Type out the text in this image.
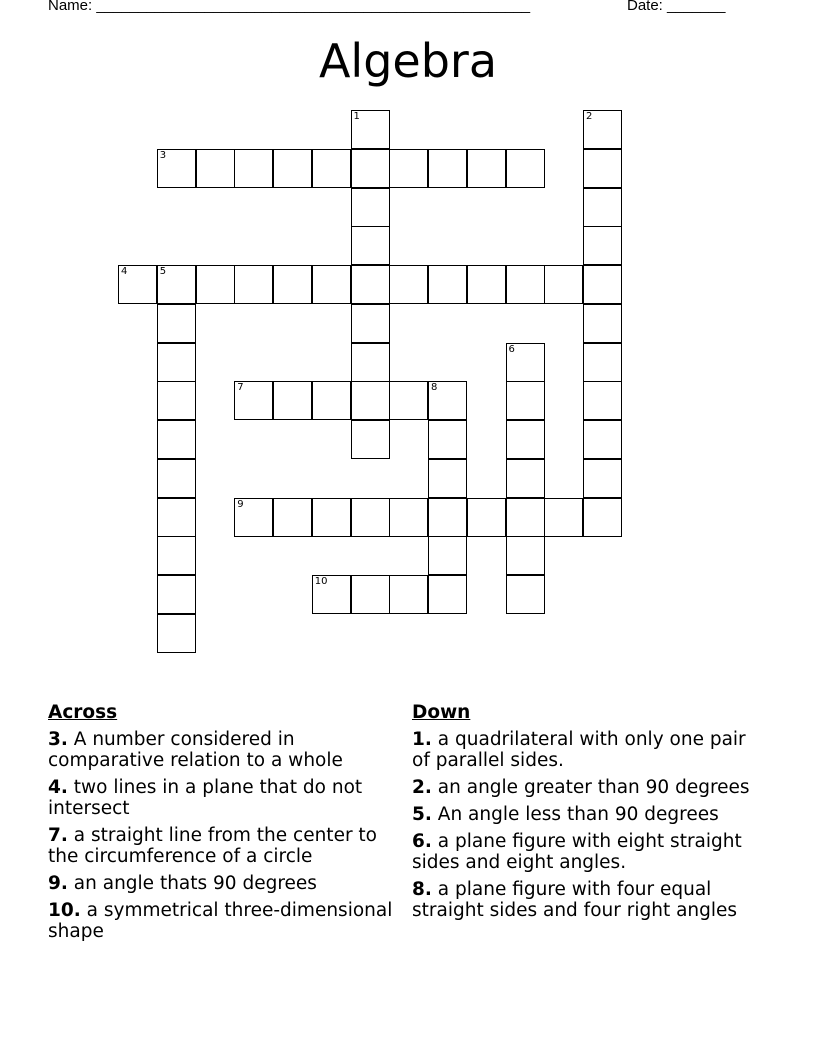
Name: ____________________________________________________	Date: _______
Algebra
1	2
3
4	5
6
7	8
9
10
Across
3. A number considered in comparative relation to a whole
4. two lines in a plane that do not intersect
7. a straight line from the center to the circumference of a circle
9. an angle thats 90 degrees
10. a symmetrical three-dimensional shape
Down
1. a quadrilateral with only one pair of parallel sides.
2. an angle greater than 90 degrees
5. An angle less than 90 degrees
6. a plane figure with eight straight sides and eight angles.
8. a plane figure with four equal straight sides and four right angles
